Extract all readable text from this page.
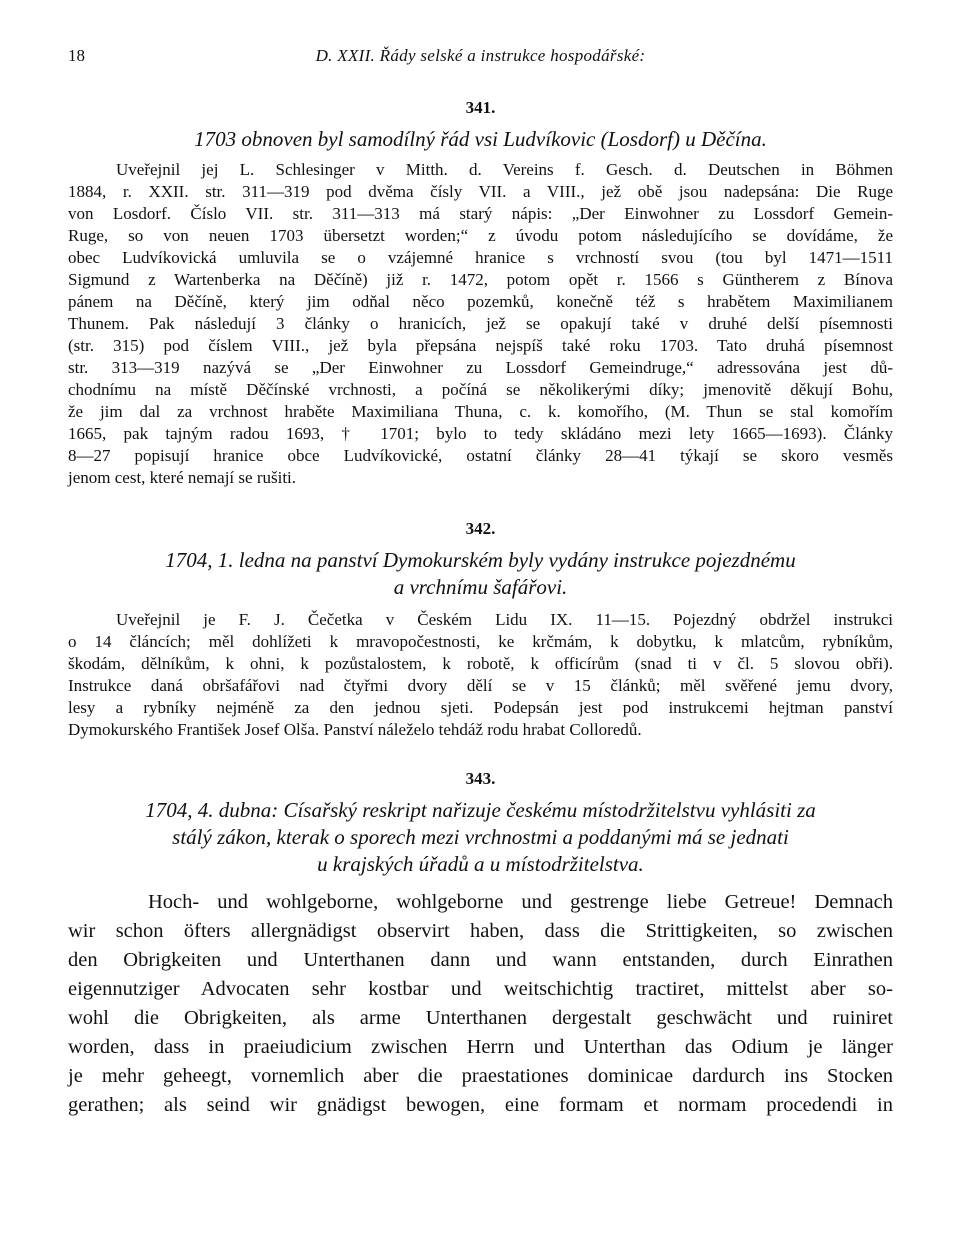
18	D. XXII. Řády selské a instrukce hospodářské:
341.
1703 obnoven byl samodílný řád vsi Ludvíkovic (Losdorf) u Děčína.
Uveřejnil jej L. Schlesinger v Mitth. d. Vereins f. Gesch. d. Deutschen in Böhmen
1884, r. XXII. str. 311—319 pod dvěma čísly VII. a VIII., jež obě jsou nadepsána: Die Ruge
von Losdorf. Číslo VII. str. 311—313 má starý nápis: „Der Einwohner zu Lossdorf Gemein-
Ruge, so von neuen 1703 übersetzt worden;“ z úvodu potom následujícího se dovídáme, že
obec Ludvíkovická umluvila se o vzájemné hranice s vrchností svou (tou byl 1471—1511
Sigmund z Wartenberka na Děčíně) již r. 1472, potom opět r. 1566 s Güntherem z Bínova
pánem na Děčíně, který jim odňal něco pozemků, konečně též s hrabětem Maximilianem
Thunem. Pak následují 3 články o hranicích, jež se opakují také v druhé delší písemnosti
(str. 315) pod číslem VIII., jež byla přepsána nejspíš také roku 1703. Tato druhá písemnost
str. 313—319 nazývá se „Der Einwohner zu Lossdorf Gemeindruge,“ adressována jest dů-
chodnímu na místě Děčínské vrchnosti, a počíná se několikerými díky; jmenovitě děkují Bohu,
že jim dal za vrchnost hraběte Maximiliana Thuna, c. k. komořího, (M. Thun se stal komořím
1665, pak tajným radou 1693, † 1701; bylo to tedy skládáno mezi lety 1665—1693). Články
8—27 popisují hranice obce Ludvíkovické, ostatní články 28—41 týkají se skoro vesměs
jenom cest, které nemají se rušiti.
342.
1704, 1. ledna na panství Dymokurském byly vydány instrukce pojezdnému
a vrchnímu šafářovi.
Uveřejnil je F. J. Čečetka v Českém Lidu IX. 11—15. Pojezdný obdržel instrukci
o 14 článcích; měl dohlížeti k mravopočestnosti, ke krčmám, k dobytku, k mlatcům, rybníkům,
škodám, dělníkům, k ohni, k pozůstalostem, k robotě, k officírům (snad ti v čl. 5 slovou obři).
Instrukce daná obršafářovi nad čtyřmi dvory dělí se v 15 článků; měl svěřené jemu dvory,
lesy a rybníky nejméně za den jednou sjeti. Podepsán jest pod instrukcemi hejtman panství
Dymokurského František Josef Olša. Panství náleželo tehdáž rodu hrabat Colloredů.
343.
1704, 4. dubna: Císařský reskript nařizuje českému místodržitelstvu vyhlásiti za
stálý zákon, kterak o sporech mezi vrchnostmi a poddanými má se jednati
u krajských úřadů a u místodržitelstva.
Hoch- und wohlgeborne, wohlgeborne und gestrenge liebe Getreue! Demnach
wir schon öfters allergnädigst observirt haben, dass die Strittigkeiten, so zwischen
den Obrigkeiten und Unterthanen dann und wann entstanden, durch Einrathen
eigennutziger Advocaten sehr kostbar und weitschichtig tractiret, mittelst aber so-
wohl die Obrigkeiten, als arme Unterthanen dergestalt geschwächt und ruiniret
worden, dass in praeiudicium zwischen Herrn und Unterthan das Odium je länger
je mehr geheegt, vornemlich aber die praestationes dominicae dardurch ins Stocken
gerathen; als seind wir gnädigst bewogen, eine formam et normam procedendi in
